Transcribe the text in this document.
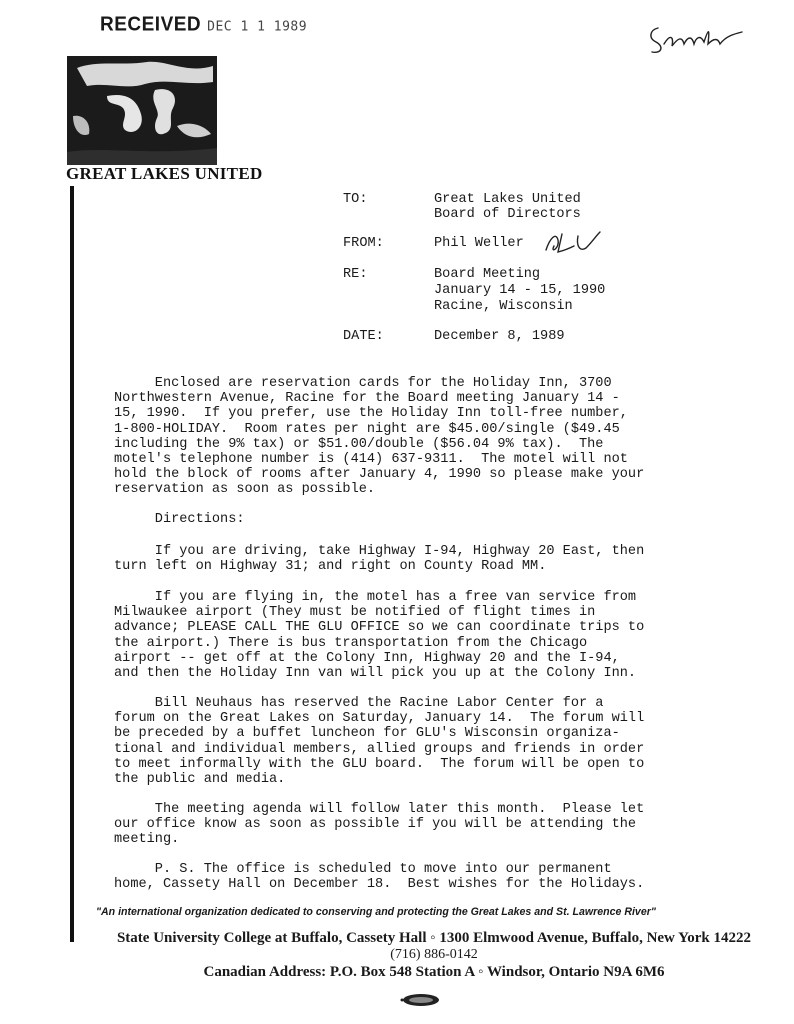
RECEIVED DEC 1 1 1989
GREAT LAKES UNITED
TO:	Great Lakes United
Board of Directors
FROM:	Phil Weller
RE:	Board Meeting
January 14 - 15, 1990
Racine, Wisconsin
DATE:	December 8, 1989
Enclosed are reservation cards for the Holiday Inn, 3700
Northwestern Avenue, Racine for the Board meeting January 14 -
15, 1990.  If you prefer, use the Holiday Inn toll-free number,
1-800-HOLIDAY.  Room rates per night are $45.00/single ($49.45
including the 9% tax) or $51.00/double ($56.04 9% tax).  The
motel's telephone number is (414) 637-9311.  The motel will not
hold the block of rooms after January 4, 1990 so please make your
reservation as soon as possible.
Directions:
If you are driving, take Highway I-94, Highway 20 East, then
turn left on Highway 31; and right on County Road MM.
If you are flying in, the motel has a free van service from
Milwaukee airport (They must be notified of flight times in
advance; PLEASE CALL THE GLU OFFICE so we can coordinate trips to
the airport.) There is bus transportation from the Chicago
airport -- get off at the Colony Inn, Highway 20 and the I-94,
and then the Holiday Inn van will pick you up at the Colony Inn.
Bill Neuhaus has reserved the Racine Labor Center for a
forum on the Great Lakes on Saturday, January 14.  The forum will
be preceded by a buffet luncheon for GLU's Wisconsin organiza-
tional and individual members, allied groups and friends in order
to meet informally with the GLU board.  The forum will be open to
the public and media.
The meeting agenda will follow later this month.  Please let
our office know as soon as possible if you will be attending the
meeting.
P. S. The office is scheduled to move into our permanent
home, Cassety Hall on December 18.  Best wishes for the Holidays.
"An international organization dedicated to conserving and protecting the Great Lakes and St. Lawrence River"
State University College at Buffalo, Cassety Hall ◦ 1300 Elmwood Avenue, Buffalo, New York 14222
(716) 886-0142
Canadian Address: P.O. Box 548 Station A ◦ Windsor, Ontario N9A 6M6
